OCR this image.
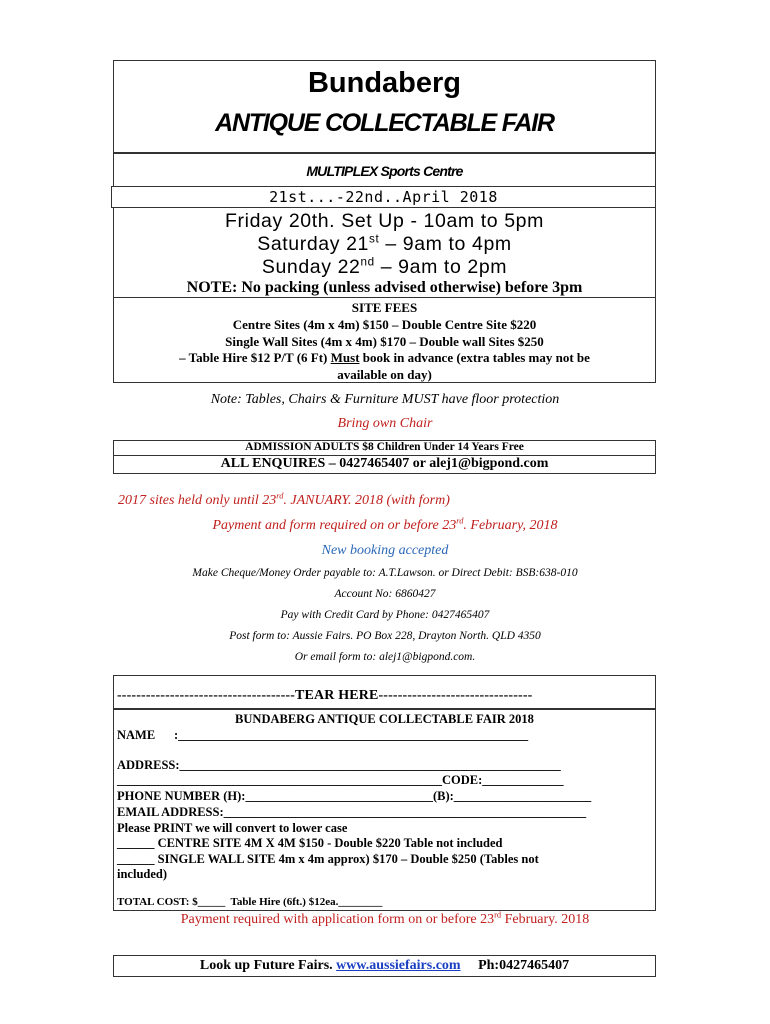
Bundaberg
ANTIQUE COLLECTABLE FAIR
MULTIPLEX Sports Centre
21st...-22nd..April 2018
Friday 20th. Set Up - 10am to 5pm
Saturday 21st – 9am to 4pm
Sunday 22nd – 9am to 2pm
NOTE: No packing (unless advised otherwise) before 3pm
SITE FEES
Centre Sites (4m x 4m) $150 – Double Centre Site $220
Single Wall Sites (4m x 4m) $170 – Double wall Sites $250
– Table Hire $12 P/T (6 Ft) Must book in advance (extra tables may not be
available on day)
Note: Tables, Chairs & Furniture MUST have floor protection
Bring own Chair
ADMISSION ADULTS $8 Children Under 14 Years Free
ALL ENQUIRES – 0427465407 or alej1@bigpond.com
2017 sites held only until 23rd. JANUARY. 2018 (with form)
Payment and form required on or before 23rd. February, 2018
New booking accepted
Make Cheque/Money Order payable to: A.T.Lawson. or Direct Debit: BSB:638-010
Account No: 6860427
Pay with Credit Card by Phone: 0427465407
Post form to: Aussie Fairs. PO Box 228, Drayton North. QLD 4350
Or email form to: alej1@bigpond.com.
-------------------------------------TEAR HERE--------------------------------
BUNDABERG ANTIQUE COLLECTABLE FAIR 2018
NAME      :________________________________________________________
ADDRESS:_____________________________________________________________
____________________________________________________CODE:_____________
PHONE NUMBER (H):______________________________(B):______________________
EMAIL ADDRESS:__________________________________________________________
Please PRINT we will convert to lower case
______ CENTRE SITE 4M X 4M $150 - Double $220 Table not included
______ SINGLE WALL SITE 4m x 4m approx) $170 – Double $250 (Tables not
included)
TOTAL COST: $_____  Table Hire (6ft.) $12ea.________
Payment required with application form on or before 23rd February. 2018
Look up Future Fairs. www.aussiefairs.com     Ph:0427465407
